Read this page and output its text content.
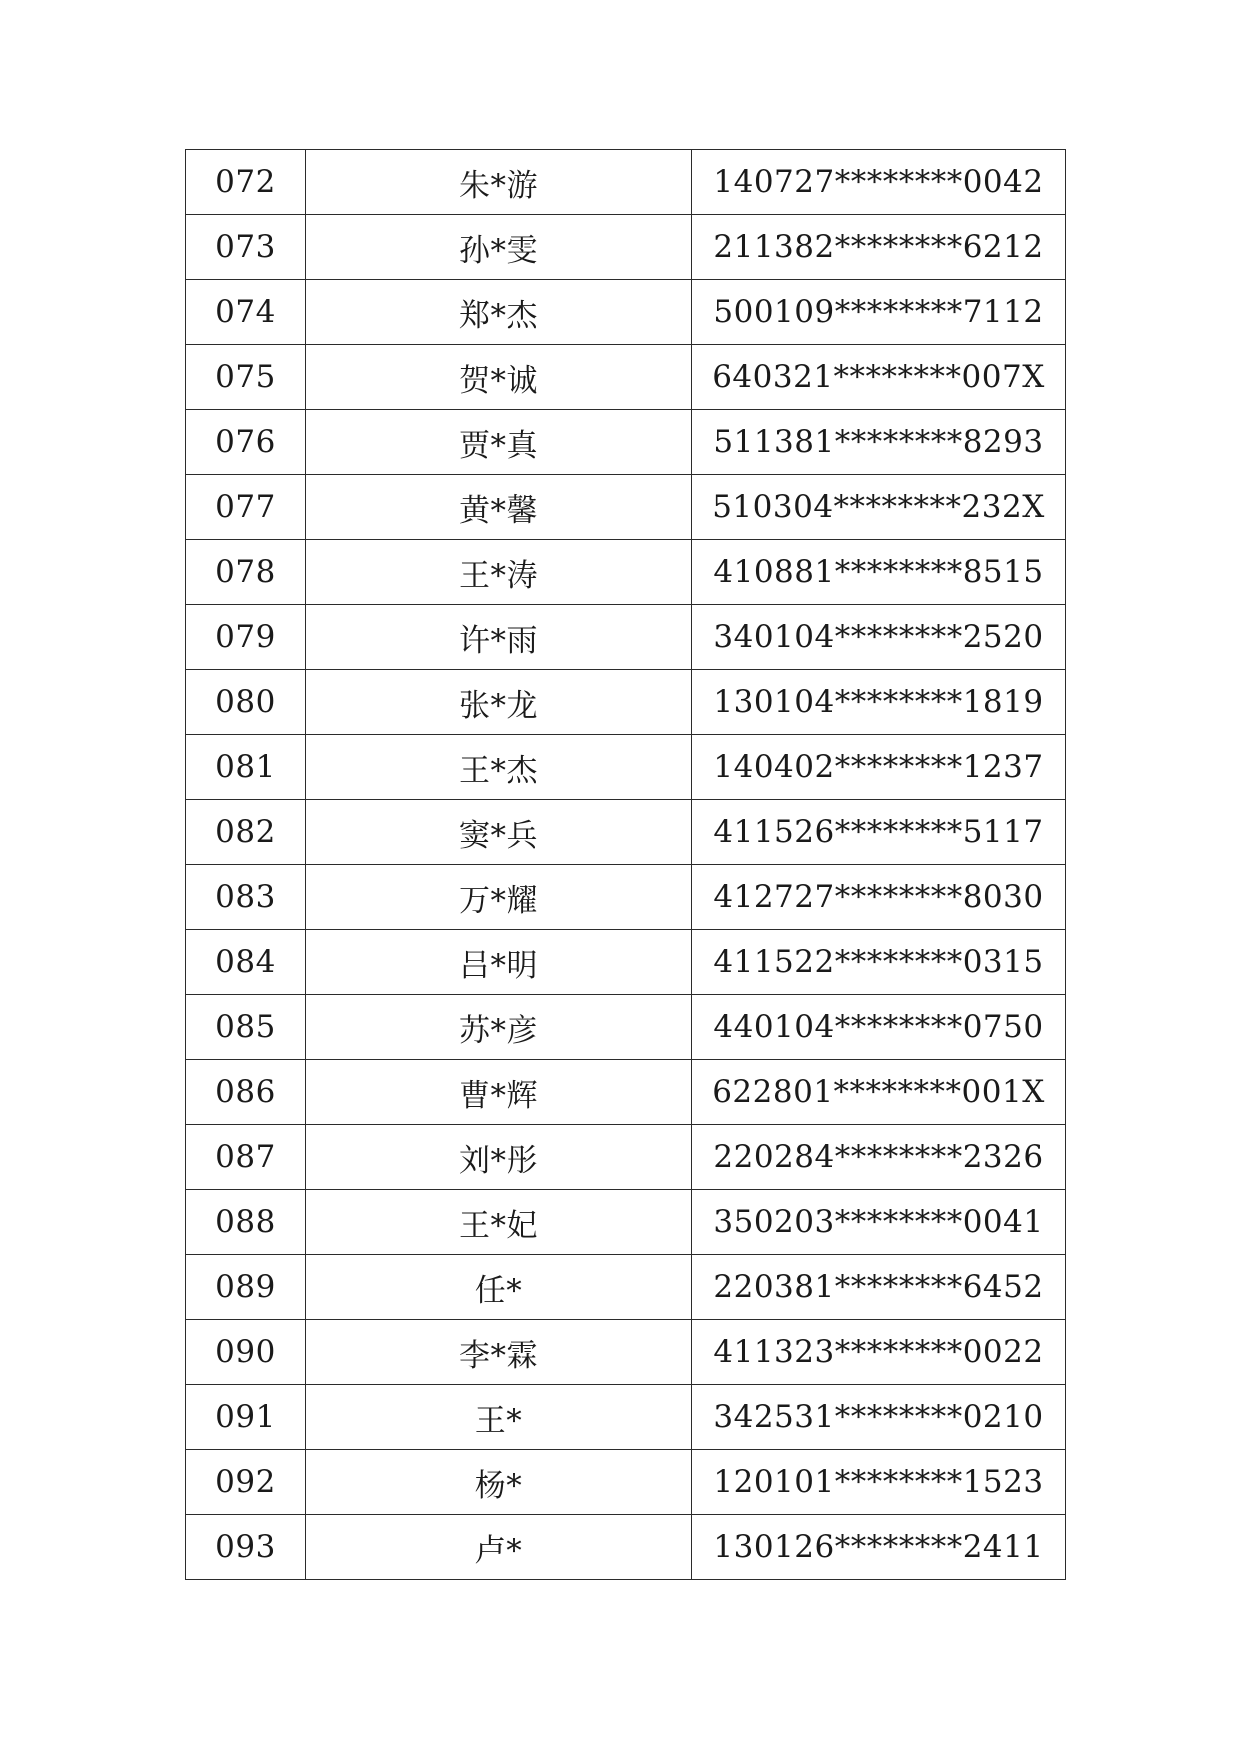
072	朱*游	140727********0042
073	孙*雯	211382********6212
074	郑*杰	500109********7112
075	贺*诚	640321********007X
076	贾*真	511381********8293
077	黄*馨	510304********232X
078	王*涛	410881********8515
079	许*雨	340104********2520
080	张*龙	130104********1819
081	王*杰	140402********1237
082	窦*兵	411526********5117
083	万*耀	412727********8030
084	吕*明	411522********0315
085	苏*彦	440104********0750
086	曹*辉	622801********001X
087	刘*彤	220284********2326
088	王*妃	350203********0041
089	任*	220381********6452
090	李*霖	411323********0022
091	王*	342531********0210
092	杨*	120101********1523
093	卢*	130126********2411
